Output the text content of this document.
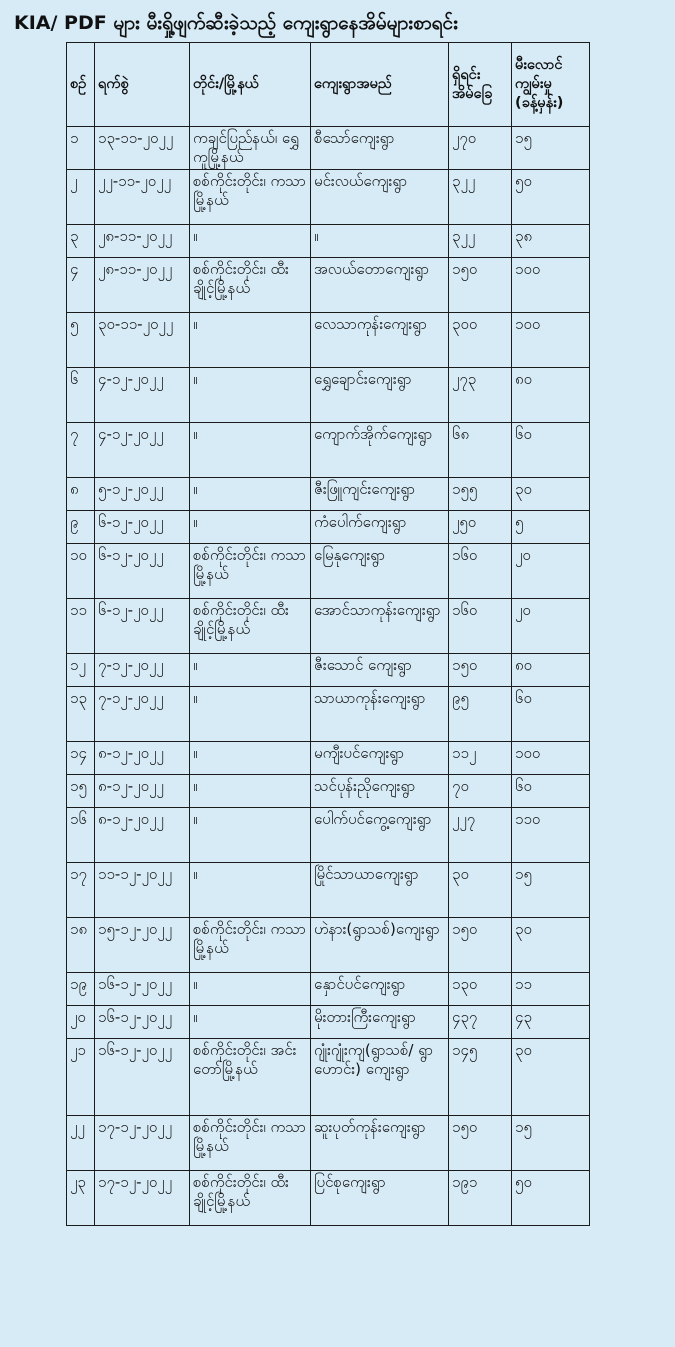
KIA/ PDF များ မီးရှို့ဖျက်ဆီးခဲ့သည့် ကျေးရွာနေအိမ်များစာရင်း
စဉ်	ရက်စွဲ	တိုင်း/မြို့နယ်	ကျေးရွာအမည်	ရှိရင်း အိမ်ခြေ	မီးလောင် ကျွမ်းမှု (ခန့်မှန်း)
၁	၁၃-၁၁-၂၀၂၂	ကချင်ပြည်နယ်၊ ရွှေကူမြို့နယ်	စီသော်ကျေးရွာ	၂၇၀	၁၅
၂	၂၂-၁၁-၂၀၂၂	စစ်ကိုင်းတိုင်း၊ ကသာမြို့နယ်	မင်းလယ်ကျေးရွာ	၃၂၂	၅၀
၃	၂၈-၁၁-၂၀၂၂	။	။	၃၂၂	၃၈
၄	၂၈-၁၁-၂၀၂၂	စစ်ကိုင်းတိုင်း၊ ထီးချိုင့်မြို့နယ်	အလယ်တောကျေးရွာ	၁၅၀	၁၀၀
၅	၃၀-၁၁-၂၀၂၂	။	လေသာကုန်းကျေးရွာ	၃၀၀	၁၀၀
၆	၄-၁၂-၂၀၂၂	။	ရွှေချောင်းကျေးရွာ	၂၇၃	၈၀
၇	၄-၁၂-၂၀၂၂	။	ကျောက်အိုက်ကျေးရွာ	၆၈	၆၀
၈	၅-၁၂-၂၀၂၂	။	ဇီးဖြူကျင်းကျေးရွာ	၁၅၅	၃၀
၉	၆-၁၂-၂၀၂၂	။	ကံပေါက်ကျေးရွာ	၂၅၀	၅
၁၀	၆-၁၂-၂၀၂၂	စစ်ကိုင်းတိုင်း၊ ကသာမြို့နယ်	မြေနုကျေးရွာ	၁၆၀	၂၀
၁၁	၆-၁၂-၂၀၂၂	စစ်ကိုင်းတိုင်း၊ ထီးချိုင့်မြို့နယ်	အောင်သာကုန်းကျေးရွာ	၁၆၀	၂၀
၁၂	၇-၁၂-၂၀၂၂	။	ဇီးသောင် ကျေးရွာ	၁၅၀	၈၀
၁၃	၇-၁၂-၂၀၂၂	။	သာယာကုန်းကျေးရွာ	၉၅	၆၀
၁၄	၈-၁၂-၂၀၂၂	။	မကျီးပင်ကျေးရွာ	၁၁၂	၁၀၀
၁၅	၈-၁၂-၂၀၂၂	။	သင်ပုန်းညိုကျေးရွာ	၇၀	၆၀
၁၆	၈-၁၂-၂၀၂၂	။	ပေါက်ပင်ကွေ့ကျေးရွာ	၂၂၇	၁၁၀
၁၇	၁၁-၁၂-၂၀၂၂	။	မြိုင်သာယာကျေးရွာ	၃၀	၁၅
၁၈	၁၅-၁၂-၂၀၂၂	စစ်ကိုင်းတိုင်း၊ ကသာမြို့နယ်	ဟဲနား(ရွာသစ်)ကျေးရွာ	၁၅၀	၃၀
၁၉	၁၆-၁၂-၂၀၂၂	။	နှောင်ပင်ကျေးရွာ	၁၃၀	၁၁
၂၀	၁၆-၁၂-၂၀၂၂	။	မိုးတားကြီးကျေးရွာ	၄၃၇	၄၃
၂၁	၁၆-၁၂-၂၀၂၂	စစ်ကိုင်းတိုင်း၊ အင်းတော်မြို့နယ်	ဂျုံးဂျုံးကျ(ရွာသစ်/ ရွာဟောင်း) ကျေးရွာ	၁၄၅	၃၀
၂၂	၁၇-၁၂-၂၀၂၂	စစ်ကိုင်းတိုင်း၊ ကသာမြို့နယ်	ဆူးပုတ်ကုန်းကျေးရွာ	၁၅၀	၁၅
၂၃	၁၇-၁၂-၂၀၂၂	စစ်ကိုင်းတိုင်း၊ ထီးချိုင့်မြို့နယ်	ပြင်စုကျေးရွာ	၁၉၁	၅၀
